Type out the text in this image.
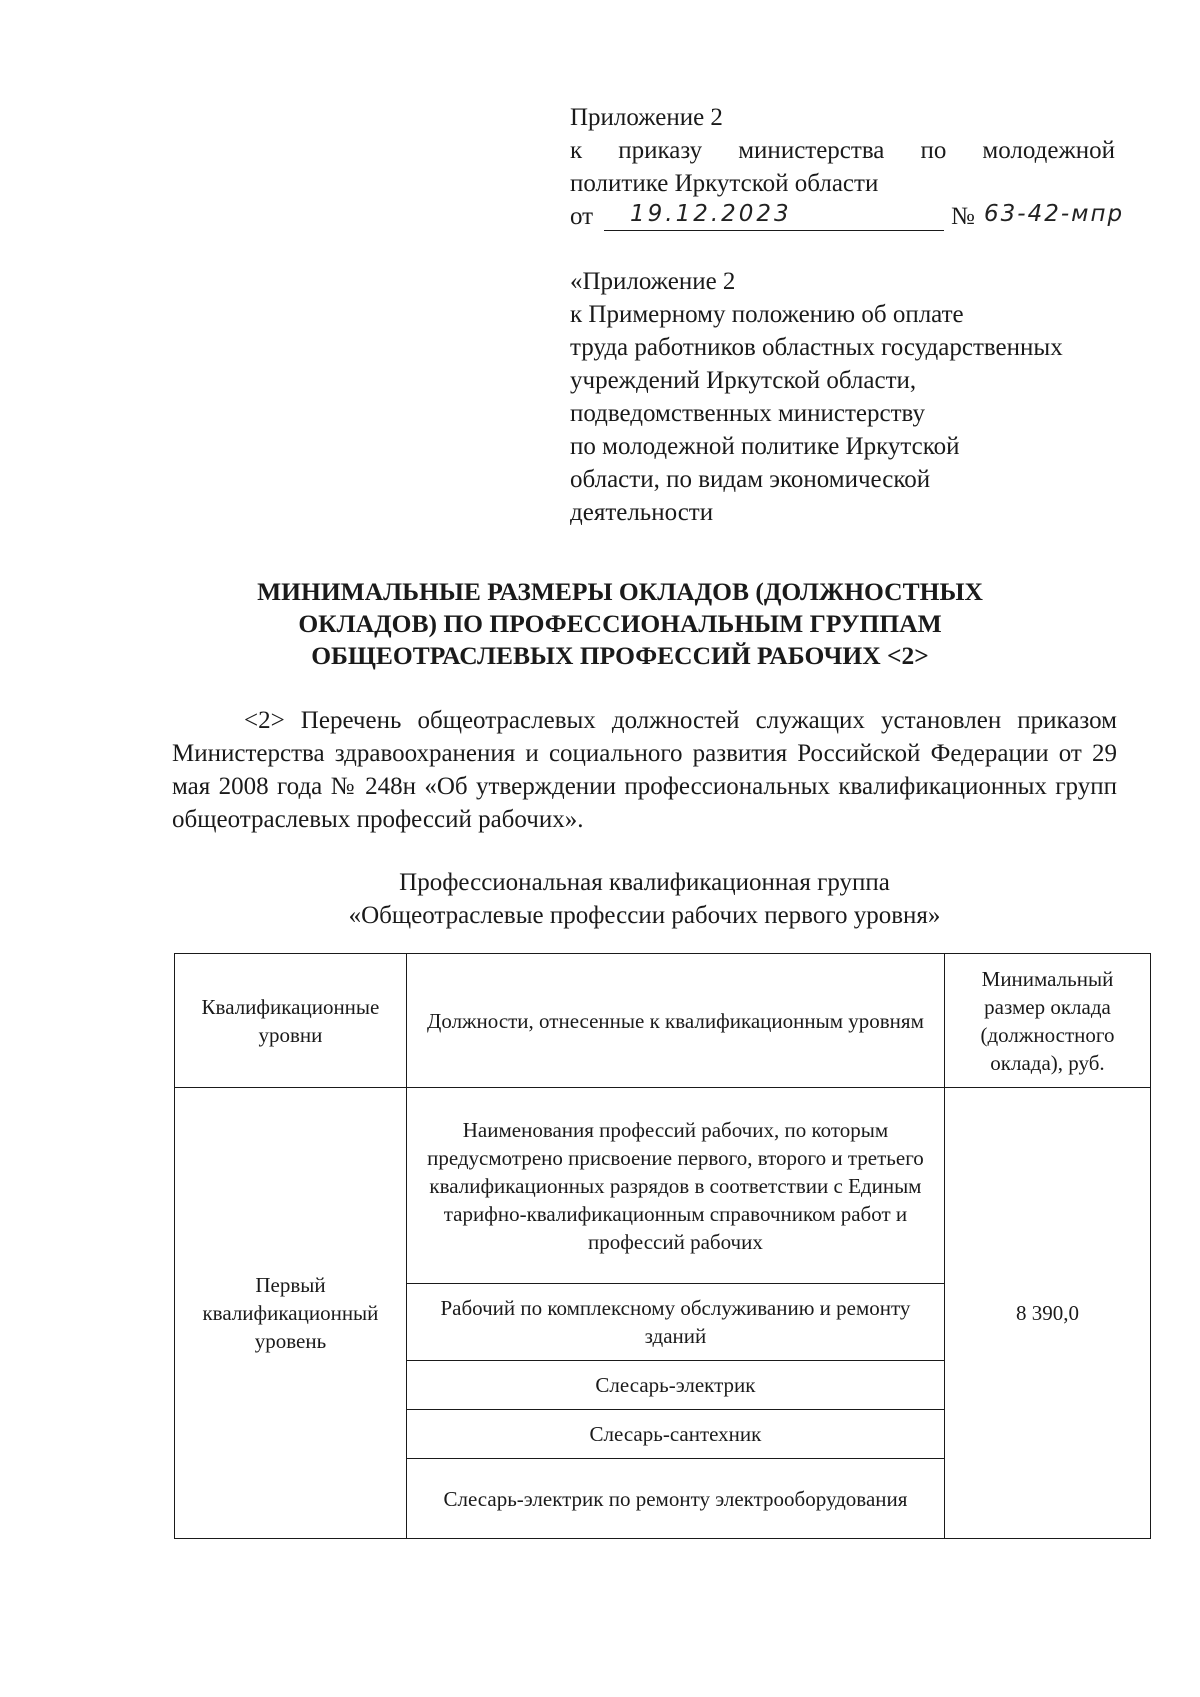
Приложение 2
к приказу министерства по молодежной
политике Иркутской области
от 19.12.2023	№ 63-42-мпр
«Приложение 2
к Примерному положению об оплате
труда работников областных государственных
учреждений Иркутской области,
подведомственных министерству
по молодежной политике Иркутской
области, по видам экономической
деятельности
МИНИМАЛЬНЫЕ РАЗМЕРЫ ОКЛАДОВ (ДОЛЖНОСТНЫХ
ОКЛАДОВ) ПО ПРОФЕССИОНАЛЬНЫМ ГРУППАМ
ОБЩЕОТРАСЛЕВЫХ ПРОФЕССИЙ РАБОЧИХ <2>

<2> Перечень общеотраслевых должностей служащих установлен приказом Министерства здравоохранения и социального развития Российской Федерации от 29 мая 2008 года № 248н «Об утверждении профессиональных квалификационных групп общеотраслевых профессий рабочих».

Профессиональная квалификационная группа
«Общеотраслевые профессии рабочих первого уровня»
Квалификационные уровни	Должности, отнесенные к квалификационным уровням	Минимальный размер оклада (должностного оклада), руб.
Первый квалификационный уровень	Наименования профессий рабочих, по которым предусмотрено присвоение первого, второго и третьего квалификационных разрядов в соответствии с Единым тарифно-квалификационным справочником работ и профессий рабочих	8 390,0
	Рабочий по комплексному обслуживанию и ремонту зданий	
	Слесарь-электрик	
	Слесарь-сантехник	
	Слесарь-электрик по ремонту электрооборудования	
